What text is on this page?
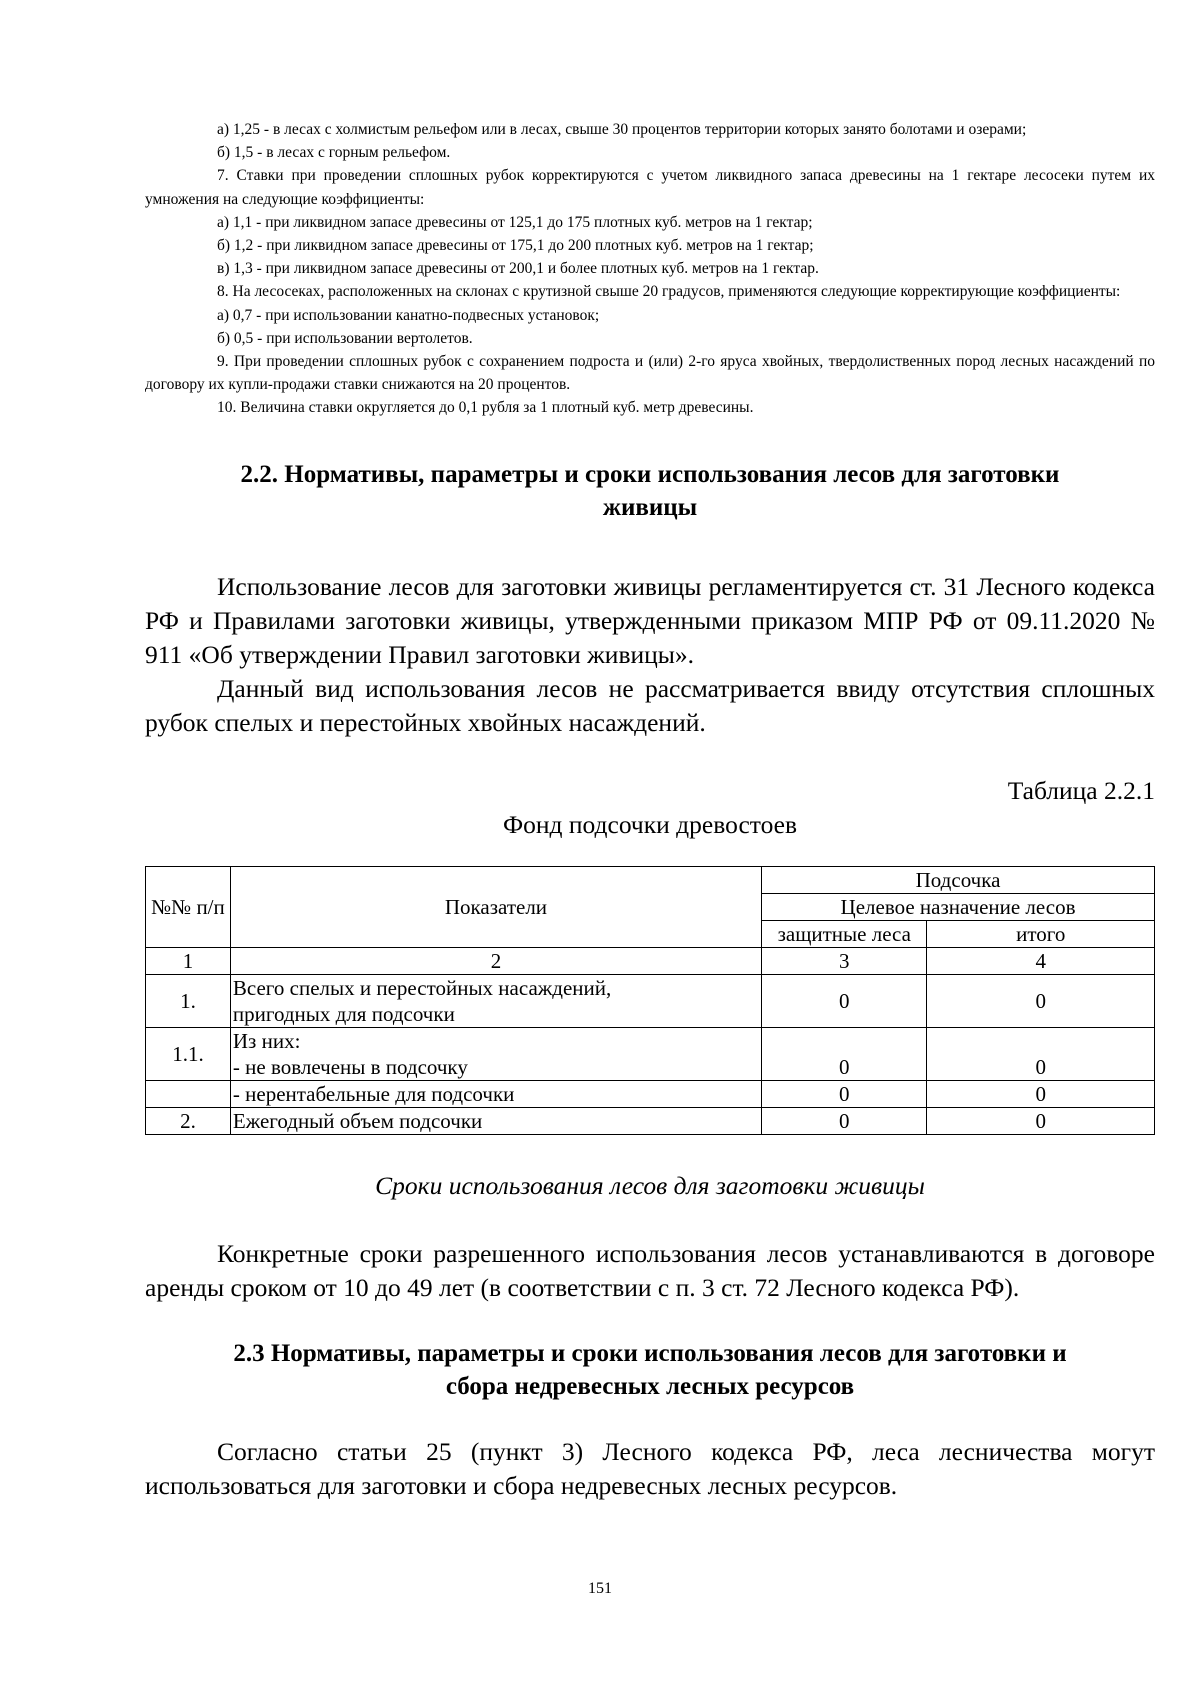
а) 1,25 - в лесах с холмистым рельефом или в лесах, свыше 30 процентов территории которых занято болотами и озерами;

б) 1,5 - в лесах с горным рельефом.

7. Ставки при проведении сплошных рубок корректируются с учетом ликвидного запаса древесины на 1 гектаре лесосеки путем их умножения на следующие коэффициенты:

а) 1,1 - при ликвидном запасе древесины от 125,1 до 175 плотных куб. метров на 1 гектар;

б) 1,2 - при ликвидном запасе древесины от 175,1 до 200 плотных куб. метров на 1 гектар;

в) 1,3 - при ликвидном запасе древесины от 200,1 и более плотных куб. метров на 1 гектар.

8. На лесосеках, расположенных на склонах с крутизной свыше 20 градусов, применяются следующие корректирующие коэффициенты:

а) 0,7 - при использовании канатно-подвесных установок;

б) 0,5 - при использовании вертолетов.

9. При проведении сплошных рубок с сохранением подроста и (или) 2-го яруса хвойных, твердолиственных пород лесных насаждений по договору их купли-продажи ставки снижаются на 20 процентов.

10. Величина ставки округляется до 0,1 рубля за 1 плотный куб. метр древесины.

2.2. Нормативы, параметры и сроки использования лесов для заготовки
живицы

Использование лесов для заготовки живицы регламентируется ст. 31 Лесного кодекса РФ и Правилами заготовки живицы, утвержденными приказом МПР РФ от 09.11.2020 № 911 «Об утверждении Правил заготовки живицы».

Данный вид использования лесов не рассматривается ввиду отсутствия сплошных рубок спелых и перестойных хвойных насаждений.

Таблица 2.2.1

Фонд подсочки древостоев

№№ п/п	Показатели	Подсочка	
		Целевое назначение лесов	
		защитные леса	итого
1	2	3	4
1.	Всего спелых и перестойных насаждений,
пригодных для подсочки	0	0
1.1.	Из них:
- не вовлечены в подсочку	0	0
	- нерентабельные для подсочки	0	0
2.	Ежегодный объем подсочки	0	0

Сроки использования лесов для заготовки живицы

Конкретные сроки разрешенного использования лесов устанавливаются в договоре аренды сроком от 10 до 49 лет (в соответствии с п. 3 ст. 72 Лесного кодекса РФ).

2.3 Нормативы, параметры и сроки использования лесов для заготовки и
сбора недревесных лесных ресурсов

Согласно статьи 25 (пункт 3) Лесного кодекса РФ, леса лесничества могут использоваться для заготовки и сбора недревесных лесных ресурсов.

151
